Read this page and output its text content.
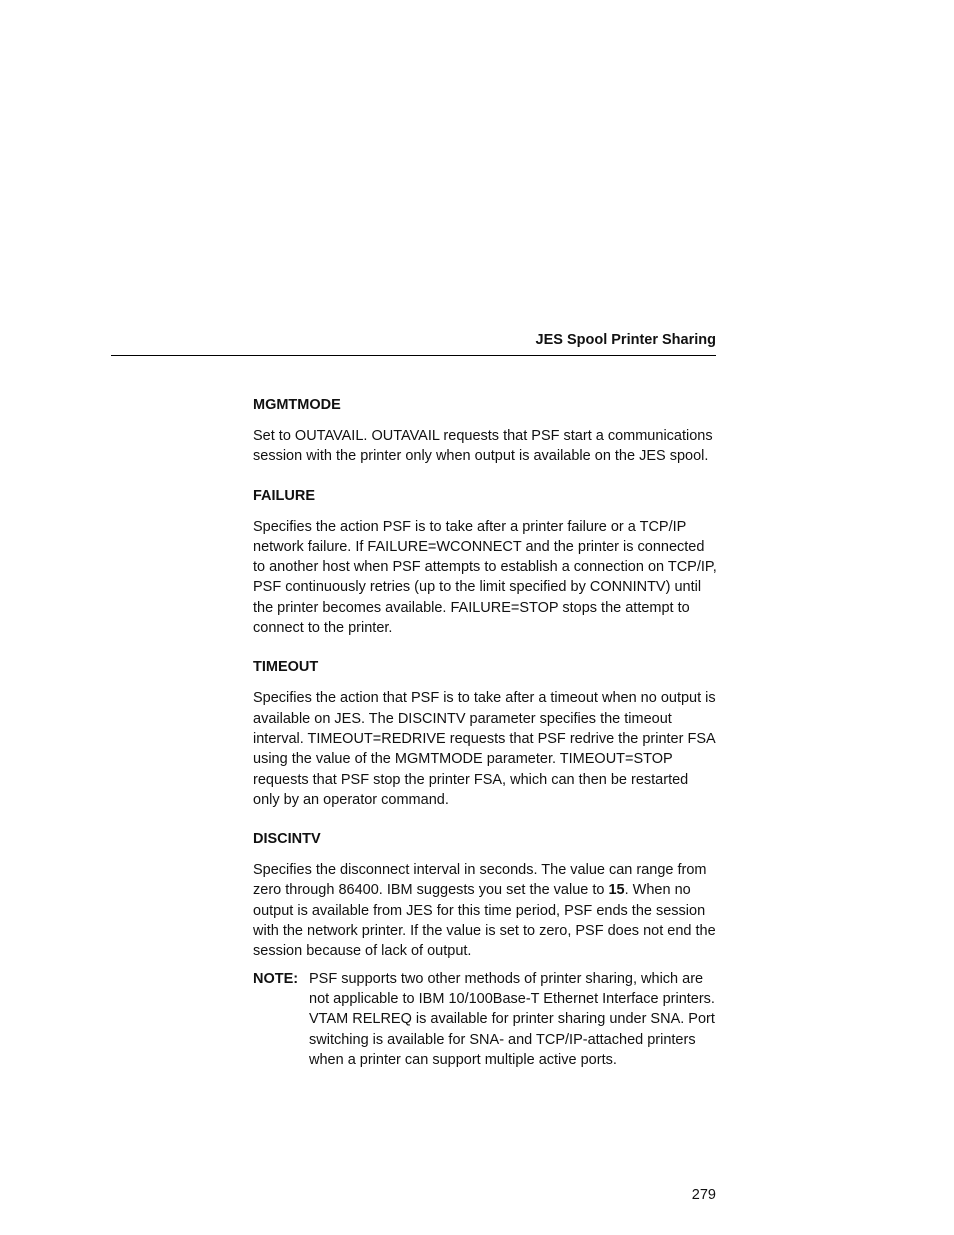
JES Spool Printer Sharing
MGMTMODE

Set to OUTAVAIL. OUTAVAIL requests that PSF start a communications session with the printer only when output is available on the JES spool.

FAILURE

Specifies the action PSF is to take after a printer failure or a TCP/IP network failure. If FAILURE=WCONNECT and the printer is connected to another host when PSF attempts to establish a connection on TCP/IP, PSF continuously retries (up to the limit specified by CONNINTV) until the printer becomes available. FAILURE=STOP stops the attempt to connect to the printer.

TIMEOUT

Specifies the action that PSF is to take after a timeout when no output is available on JES. The DISCINTV parameter specifies the timeout interval. TIMEOUT=REDRIVE requests that PSF redrive the printer FSA using the value of the MGMTMODE parameter. TIMEOUT=STOP requests that PSF stop the printer FSA, which can then be restarted only by an operator command.

DISCINTV

Specifies the disconnect interval in seconds. The value can range from zero through 86400. IBM suggests you set the value to 15. When no output is available from JES for this time period, PSF ends the session with the network printer. If the value is set to zero, PSF does not end the session because of lack of output.

NOTE: PSF supports two other methods of printer sharing, which are not applicable to IBM 10/100Base-T Ethernet Interface printers. VTAM RELREQ is available for printer sharing under SNA. Port switching is available for SNA- and TCP/IP-attached printers when a printer can support multiple active ports.
279
